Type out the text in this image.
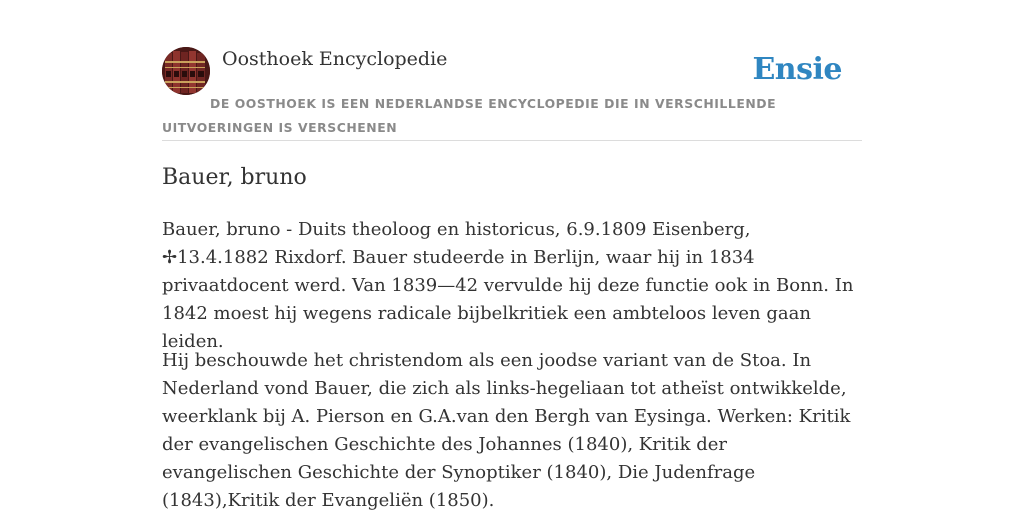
Oosthoek Encyclopedie	Ensie
DE OOSTHOEK IS EEN NEDERLANDSE ENCYCLOPEDIE DIE IN VERSCHILLENDE UITVOERINGEN IS VERSCHENEN
Bauer, bruno

Bauer, bruno - Duits theoloog en historicus, 6.9.1809 Eisenberg, ✢13.4.1882 Rixdorf. Bauer studeerde in Berlijn, waar hij in 1834 privaatdocent werd. Van 1839—42 vervulde hij deze functie ook in Bonn. In 1842 moest hij wegens radicale bijbelkritiek een ambteloos leven gaan leiden.

Hij beschouwde het christendom als een joodse variant van de Stoa. In Nederland vond Bauer, die zich als links-hegeliaan tot atheïst ontwikkelde, weerklank bij A. Pierson en G.A.van den Bergh van Eysinga. Werken: Kritik der evangelischen Geschichte des Johannes (1840), Kritik der evangelischen Geschichte der Synoptiker (1840), Die Judenfrage (1843),Kritik der Evangeliën (1850).
